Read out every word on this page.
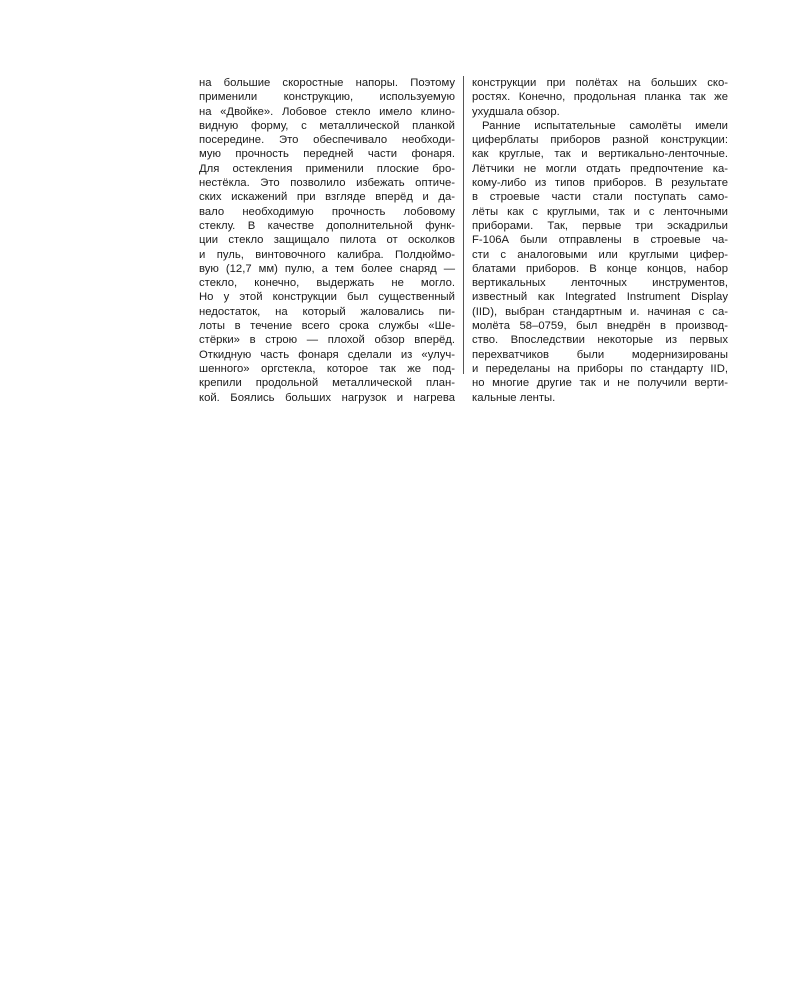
на большие скоростные напоры. Поэтому
применили конструкцию, используемую
на «Двойке». Лобовое стекло имело клино-
видную форму, с металлической планкой
посередине. Это обеспечивало необходи-
мую прочность передней части фонаря.
Для остекления применили плоские бро-
нестёкла. Это позволило избежать оптиче-
ских искажений при взгляде вперёд и да-
вало необходимую прочность лобовому
стеклу. В качестве дополнительной функ-
ции стекло защищало пилота от осколков
и пуль, винтовочного калибра. Полдюймо-
вую (12,7 мм) пулю, а тем более снаряд —
стекло, конечно, выдержать не могло.
Но у этой конструкции был существенный
недостаток, на который жаловались пи-
лоты в течение всего срока службы «Ше-
стёрки» в строю — плохой обзор вперёд.
Откидную часть фонаря сделали из «улуч-
шенного» оргстекла, которое так же под-
крепили продольной металлической план-
кой. Боялись больших нагрузок и нагрева
конструкции при полётах на больших ско-
ростях. Конечно, продольная планка так же
ухудшала обзор.
Ранние испытательные самолёты имели
циферблаты приборов разной конструкции:
как круглые, так и вертикально-ленточные.
Лётчики не могли отдать предпочтение ка-
кому-либо из типов приборов. В результате
в строевые части стали поступать само-
лёты как с круглыми, так и с ленточными
приборами. Так, первые три эскадрильи
F-106A были отправлены в строевые ча-
сти с аналоговыми или круглыми цифер-
блатами приборов. В конце концов, набор
вертикальных ленточных инструментов,
известный как Integrated Instrument Display
(IID), выбран стандартным и. начиная с са-
молёта 58–0759, был внедрён в производ-
ство. Впоследствии некоторые из первых
перехватчиков были модернизированы
и переделаны на приборы по стандарту IID,
но многие другие так и не получили верти-
кальные ленты.
